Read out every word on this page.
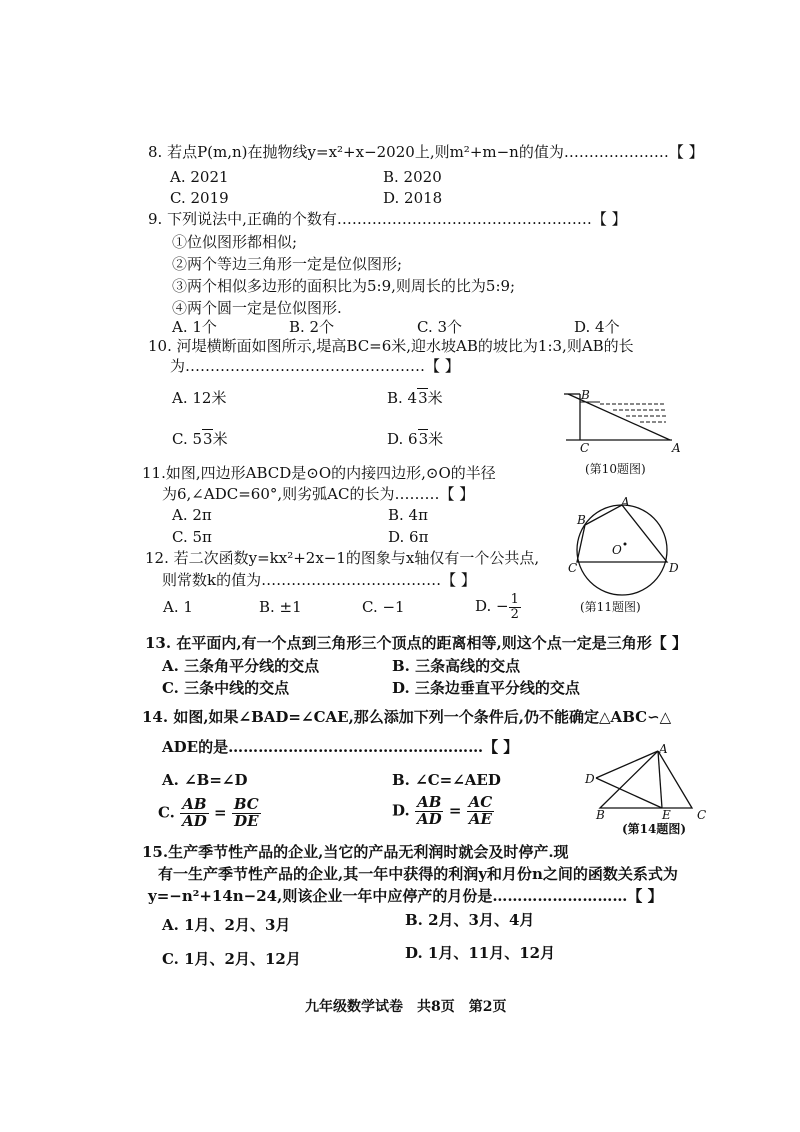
8. 若点P(m,n)在抛物线y=x²+x−2020上,则m²+m−n的值为…………………【 】
A. 2021	B. 2020
C. 2019	D. 2018
9. 下列说法中,正确的个数有……………………………………………【 】
①位似图形都相似;
②两个等边三角形一定是位似图形;
③两个相似多边形的面积比为5:9,则周长的比为5:9;
④两个圆一定是位似图形.
A. 1个	B. 2个	C. 3个	D. 4个
10. 河堤横断面如图所示,堤高BC=6米,迎水坡AB的坡比为1:3,则AB的长
为…………………………………………【 】
A. 12米	B. 43米
C. 53米	D. 63米
B
C	A
(第10题图)
11.如图,四边形ABCD是⊙O的内接四边形,⊙O的半径
为6,∠ADC=60°,则劣弧AC的长为………【 】
A. 2π	B. 4π
C. 5π	D. 6π
A
B
O
C	D
12. 若二次函数y=kx²+2x−1的图象与x轴仅有一个公共点,
则常数k的值为………………………………【 】
A. 1	B. ±1	C. −1	D. − $\frac{1}{2}$	(第11题图)
13. 在平面内,有一个点到三角形三个顶点的距离相等,则这个点一定是三角形【 】
A. 三条角平分线的交点	B. 三条高线的交点
C. 三条中线的交点	D. 三条边垂直平分线的交点
14. 如图,如果∠BAD=∠CAE,那么添加下列一个条件后,仍不能确定△ABC∽△
ADE的是……………………………………………【 】
A. ∠B=∠D	B. ∠C=∠AED
C. $\frac{AB}{AD} = \frac{BC}{DE}$	D. $\frac{AB}{AD} = \frac{AC}{AE}$
A
D
B	E C
(第14题图)
15.生产季节性产品的企业,当它的产品无利润时就会及时停产.现
有一生产季节性产品的企业,其一年中获得的利润y和月份n之间的函数关系式为
y=−n²+14n−24,则该企业一年中应停产的月份是………………………【 】
A. 1月、2月、3月	B. 2月、3月、4月
C. 1月、2月、12月	D. 1月、11月、12月
九年级数学试卷　共8页　第2页
